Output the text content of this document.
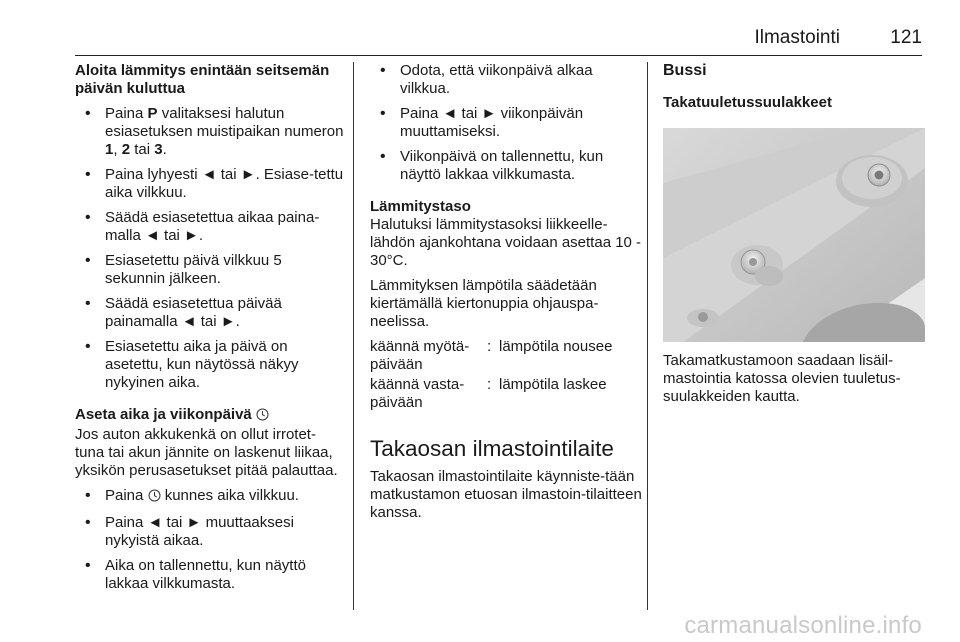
Ilmastointi	121

Aloita lämmitys enintään seitsemän päivän kuluttua

• Paina P valitaksesi halutun esiasetuksen muistipaikan numeron 1, 2 tai 3.
• Paina lyhyesti ◄ tai ►. Esiase-tettu aika vilkkuu.
• Säädä esiasetettua aikaa paina-malla ◄ tai ►.
• Esiasetettu päivä vilkkuu 5 sekunnin jälkeen.
• Säädä esiasetettua päivää painamalla ◄ tai ►.
• Esiasetettu aika ja päivä on asetettu, kun näytössä näkyy nykyinen aika.

Aseta aika ja viikonpäivä

Jos auton akkukenkä on ollut irrotet-tuna tai akun jännite on laskenut liikaa, yksikön perusasetukset pitää palauttaa.

• Paina  kunnes aika vilkkuu.
• Paina ◄ tai ► muuttaaksesi nykyistä aikaa.
• Aika on tallennettu, kun näyttö lakkaa vilkkumasta.
• Odota, että viikonpäivä alkaa vilkkua.
• Paina ◄ tai ► viikonpäivän muuttamiseksi.
• Viikonpäivä on tallennettu, kun näyttö lakkaa vilkkumasta.

Lämmitystaso

Halutuksi lämmitystasoksi liikkeelle-lähdön ajankohtana voidaan asettaa 10 - 30°C.

Lämmityksen lämpötila säädetään kiertämällä kiertonuppia ohjauspa-neelissa.

käännä myötä-päivään
: lämpötila nousee
käännä vasta-päivään
: lämpötila laskee

Takaosan ilmastointilaite

Takaosan ilmastointilaite käynniste-tään matkustamon etuosan ilmastoin-tilaitteen kanssa.

Bussi

Takatuuletussuulakkeet

Takamatkustamoon saadaan lisäil-mastointia katossa olevien tuuletus-suulakkeiden kautta.

carmanualsonline.info
